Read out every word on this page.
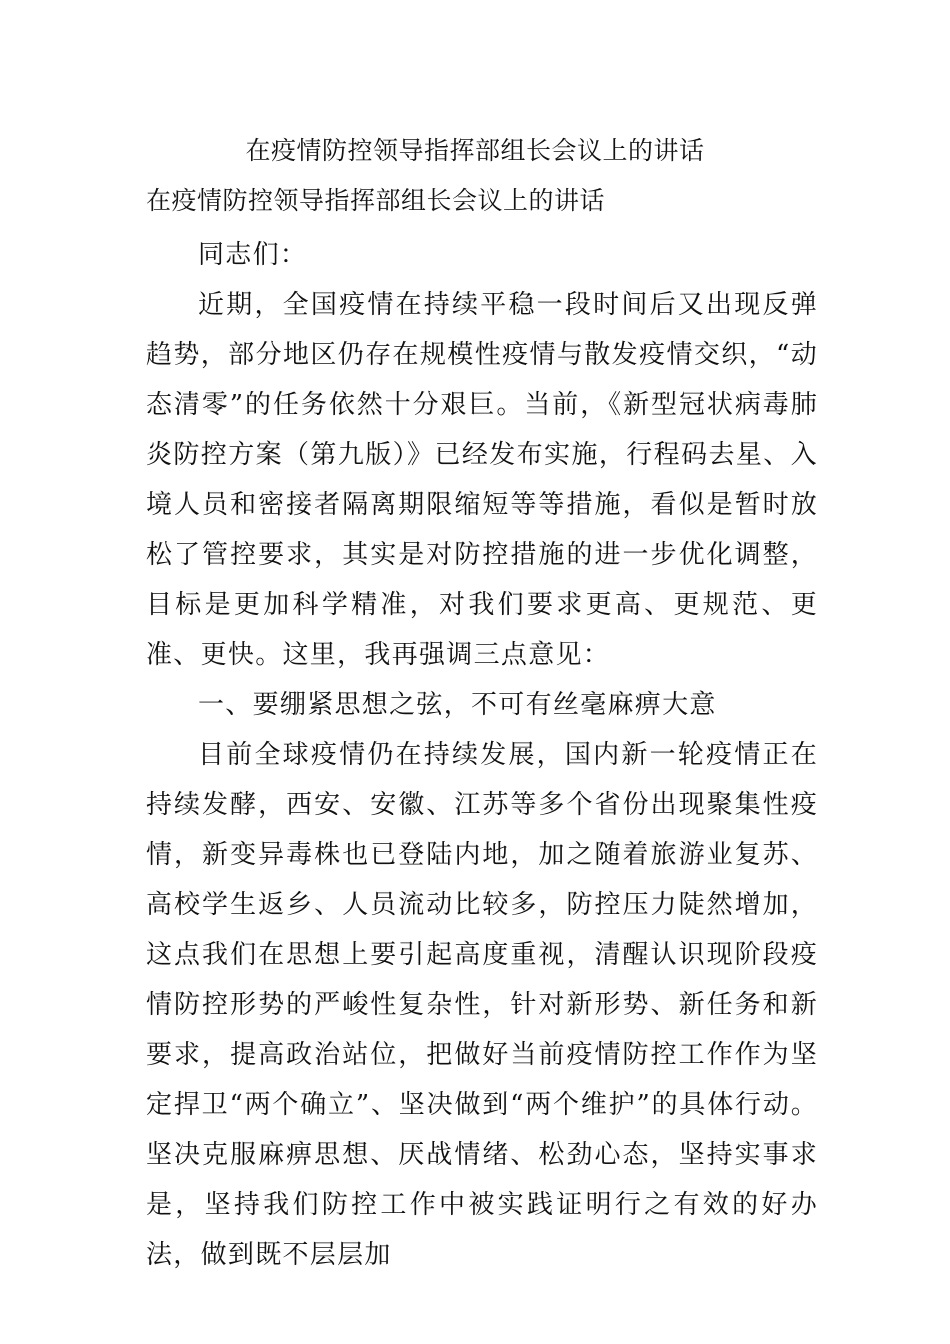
在疫情防控领导指挥部组长会议上的讲话
在疫情防控领导指挥部组长会议上的讲话

同志们：

近期，全国疫情在持续平稳一段时间后又出现反弹趋势，部分地区仍存在规模性疫情与散发疫情交织，“动态清零”的任务依然十分艰巨。当前，《新型冠状病毒肺炎防控方案（第九版）》已经发布实施，行程码去星、入境人员和密接者隔离期限缩短等等措施，看似是暂时放松了管控要求，其实是对防控措施的进一步优化调整，目标是更加科学精准，对我们要求更高、更规范、更准、更快。这里，我再强调三点意见：

一、要绷紧思想之弦，不可有丝毫麻痹大意

目前全球疫情仍在持续发展，国内新一轮疫情正在持续发酵，西安、安徽、江苏等多个省份出现聚集性疫情，新变异毒株也已登陆内地，加之随着旅游业复苏、高校学生返乡、人员流动比较多，防控压力陡然增加，这点我们在思想上要引起高度重视，清醒认识现阶段疫情防控形势的严峻性复杂性，针对新形势、新任务和新要求，提高政治站位，把做好当前疫情防控工作作为坚定捍卫“两个确立”、坚决做到“两个维护”的具体行动。坚决克服麻痹思想、厌战情绪、松劲心态，坚持实事求是，坚持我们防控工作中被实践证明行之有效的好办法，做到既不层层加
